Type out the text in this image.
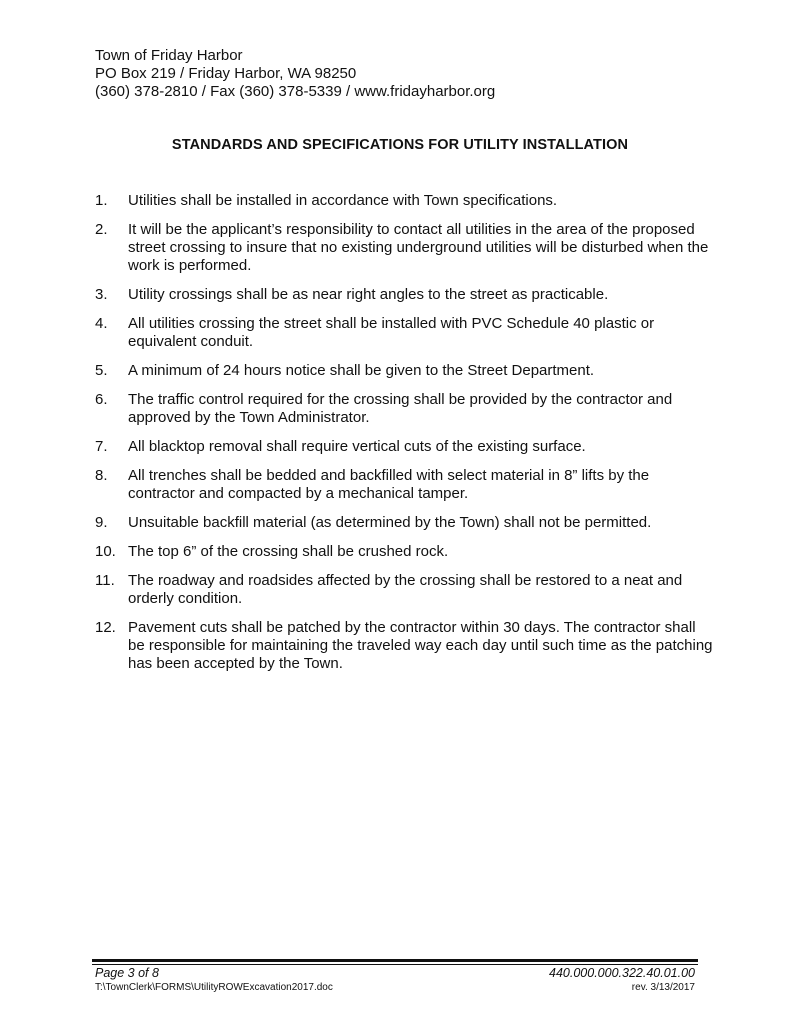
Town of Friday Harbor
PO Box 219 / Friday Harbor, WA 98250
(360) 378-2810 / Fax (360) 378-5339 / www.fridayharbor.org
STANDARDS AND SPECIFICATIONS FOR UTILITY INSTALLATION
1.	Utilities shall be installed in accordance with Town specifications.
2.	It will be the applicant’s responsibility to contact all utilities in the area of the proposed street crossing to insure that no existing underground utilities will be disturbed when the work is performed.
3.	Utility crossings shall be as near right angles to the street as practicable.
4.	All utilities crossing the street shall be installed with PVC Schedule 40 plastic or equivalent conduit.
5.	A minimum of 24 hours notice shall be given to the Street Department.
6.	The traffic control required for the crossing shall be provided by the contractor and approved by the Town Administrator.
7.	All blacktop removal shall require vertical cuts of the existing surface.
8.	All trenches shall be bedded and backfilled with select material in 8” lifts by the contractor and compacted by a mechanical tamper.
9.	Unsuitable backfill material (as determined by the Town) shall not be permitted.
10. The top 6” of the crossing shall be crushed rock.
11. The roadway and roadsides affected by the crossing shall be restored to a neat and orderly condition.
12. Pavement cuts shall be patched by the contractor within 30 days. The contractor shall be responsible for maintaining the traveled way each day until such time as the patching has been accepted by the Town.
Page 3 of 8	440.000.000.322.40.01.00
T:\TownClerk\FORMS\UtilityROWExcavation2017.doc	rev. 3/13/2017
